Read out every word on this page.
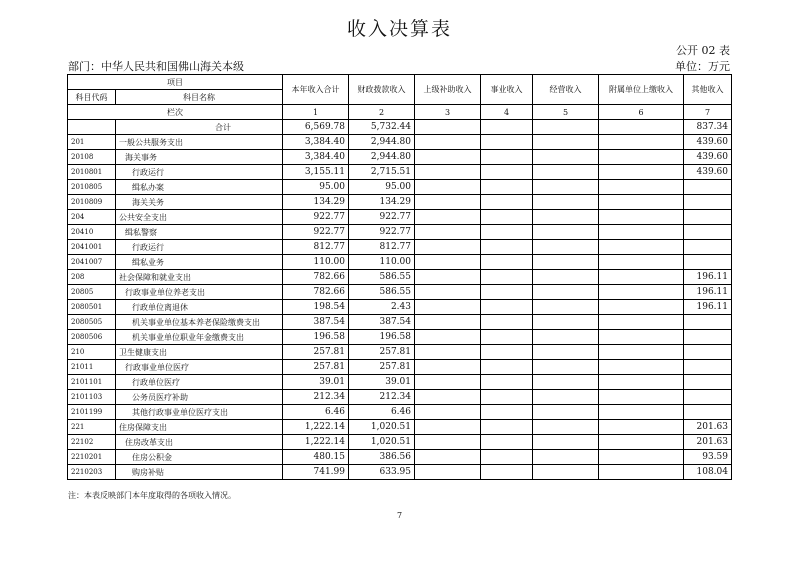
收入决算表
公开 02 表
部门：中华人民共和国佛山海关本级	单位：万元
项目		本年收入合计	财政拨款收入	上级补助收入	事业收入	经营收入	附属单位上缴收入	其他收入
科目代码	科目名称							
栏次		1	2	3	4	5	6	7
	合计	6,569.78	5,732.44					837.34
201	一般公共服务支出	3,384.40	2,944.80					439.60
20108	海关事务	3,384.40	2,944.80					439.60
2010801	行政运行	3,155.11	2,715.51					439.60
2010805	缉私办案	95.00	95.00					
2010809	海关关务	134.29	134.29					
204	公共安全支出	922.77	922.77					
20410	缉私警察	922.77	922.77					
2041001	行政运行	812.77	812.77					
2041007	缉私业务	110.00	110.00					
208	社会保障和就业支出	782.66	586.55					196.11
20805	行政事业单位养老支出	782.66	586.55					196.11
2080501	行政单位离退休	198.54	2.43					196.11
2080505	机关事业单位基本养老保险缴费支出	387.54	387.54					
2080506	机关事业单位职业年金缴费支出	196.58	196.58					
210	卫生健康支出	257.81	257.81					
21011	行政事业单位医疗	257.81	257.81					
2101101	行政单位医疗	39.01	39.01					
2101103	公务员医疗补助	212.34	212.34					
2101199	其他行政事业单位医疗支出	6.46	6.46					
221	住房保障支出	1,222.14	1,020.51					201.63
22102	住房改革支出	1,222.14	1,020.51					201.63
2210201	住房公积金	480.15	386.56					93.59
2210203	购房补贴	741.99	633.95					108.04
注：本表反映部门本年度取得的各项收入情况。
7
